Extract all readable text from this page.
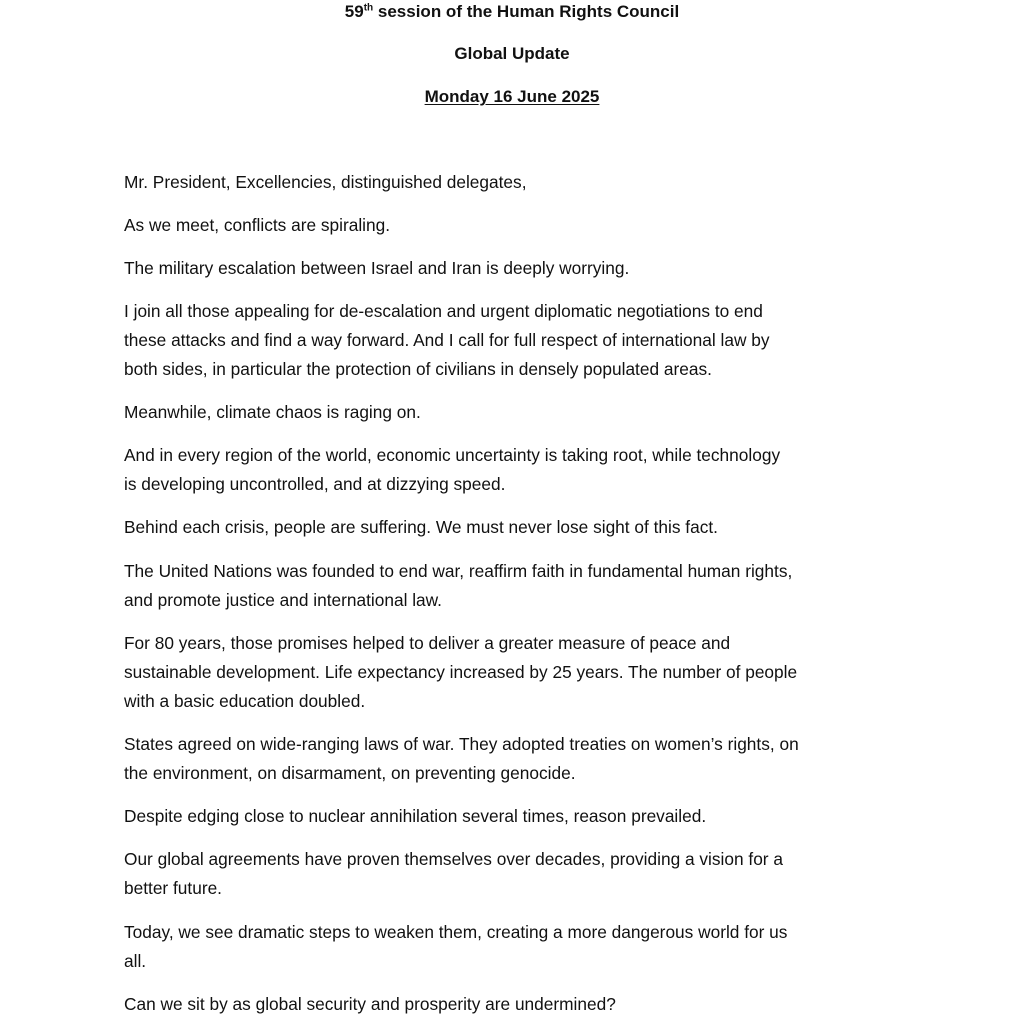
59th session of the Human Rights Council
Global Update
Monday 16 June 2025

Mr. President, Excellencies, distinguished delegates,

As we meet, conflicts are spiraling.

The military escalation between Israel and Iran is deeply worrying.

I join all those appealing for de-escalation and urgent diplomatic negotiations to end
these attacks and find a way forward. And I call for full respect of international law by
both sides, in particular the protection of civilians in densely populated areas.

Meanwhile, climate chaos is raging on.

And in every region of the world, economic uncertainty is taking root, while technology
is developing uncontrolled, and at dizzying speed.

Behind each crisis, people are suffering. We must never lose sight of this fact.

The United Nations was founded to end war, reaffirm faith in fundamental human rights,
and promote justice and international law.

For 80 years, those promises helped to deliver a greater measure of peace and
sustainable development. Life expectancy increased by 25 years. The number of people
with a basic education doubled.

States agreed on wide-ranging laws of war. They adopted treaties on women’s rights, on
the environment, on disarmament, on preventing genocide.

Despite edging close to nuclear annihilation several times, reason prevailed.

Our global agreements have proven themselves over decades, providing a vision for a
better future.

Today, we see dramatic steps to weaken them, creating a more dangerous world for us
all.

Can we sit by as global security and prosperity are undermined?
